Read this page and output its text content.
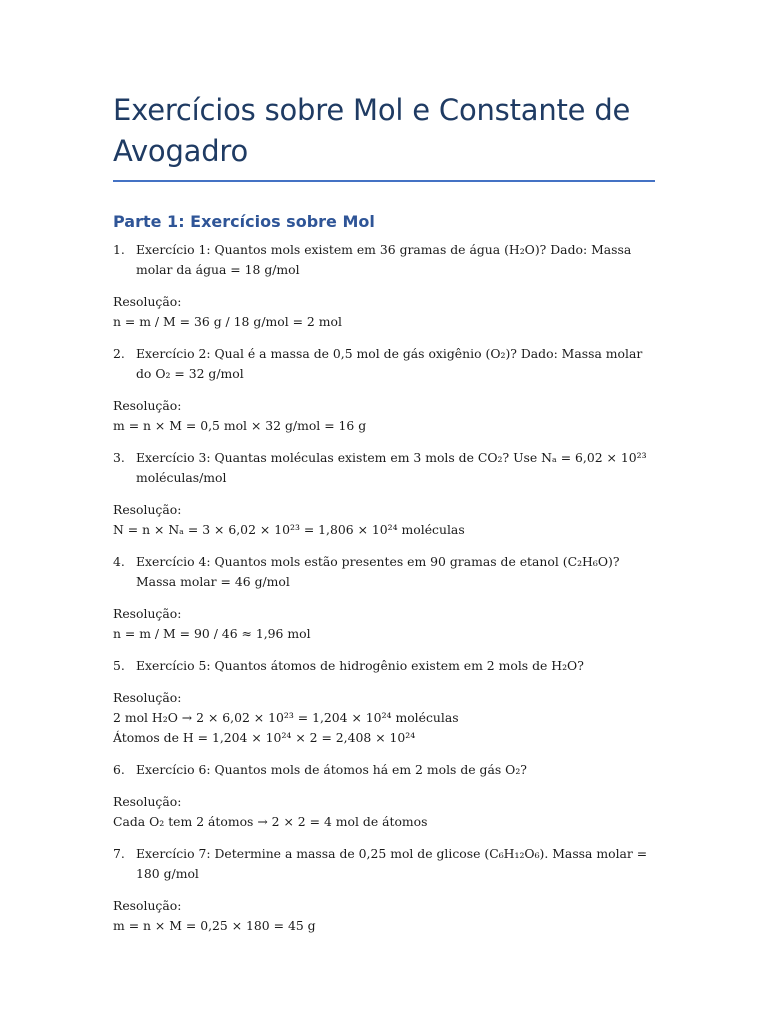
Exercícios sobre Mol e Constante de Avogadro
Parte 1: Exercícios sobre Mol
1. Exercício 1: Quantos mols existem em 36 gramas de água (H₂O)? Dado: Massa molar da água = 18 g/mol
Resolução:
n = m / M = 36 g / 18 g/mol = 2 mol
2. Exercício 2: Qual é a massa de 0,5 mol de gás oxigênio (O₂)? Dado: Massa molar do O₂ = 32 g/mol
Resolução:
m = n × M = 0,5 mol × 32 g/mol = 16 g
3. Exercício 3: Quantas moléculas existem em 3 mols de CO₂? Use Nₐ = 6,02 × 10²³ moléculas/mol
Resolução:
N = n × Nₐ = 3 × 6,02 × 10²³ = 1,806 × 10²⁴ moléculas
4. Exercício 4: Quantos mols estão presentes em 90 gramas de etanol (C₂H₆O)? Massa molar = 46 g/mol
Resolução:
n = m / M = 90 / 46 ≈ 1,96 mol
5. Exercício 5: Quantos átomos de hidrogênio existem em 2 mols de H₂O?
Resolução:
2 mol H₂O → 2 × 6,02 × 10²³ = 1,204 × 10²⁴ moléculas
Átomos de H = 1,204 × 10²⁴ × 2 = 2,408 × 10²⁴
6. Exercício 6: Quantos mols de átomos há em 2 mols de gás O₂?
Resolução:
Cada O₂ tem 2 átomos → 2 × 2 = 4 mol de átomos
7. Exercício 7: Determine a massa de 0,25 mol de glicose (C₆H₁₂O₆). Massa molar = 180 g/mol
Resolução:
m = n × M = 0,25 × 180 = 45 g
